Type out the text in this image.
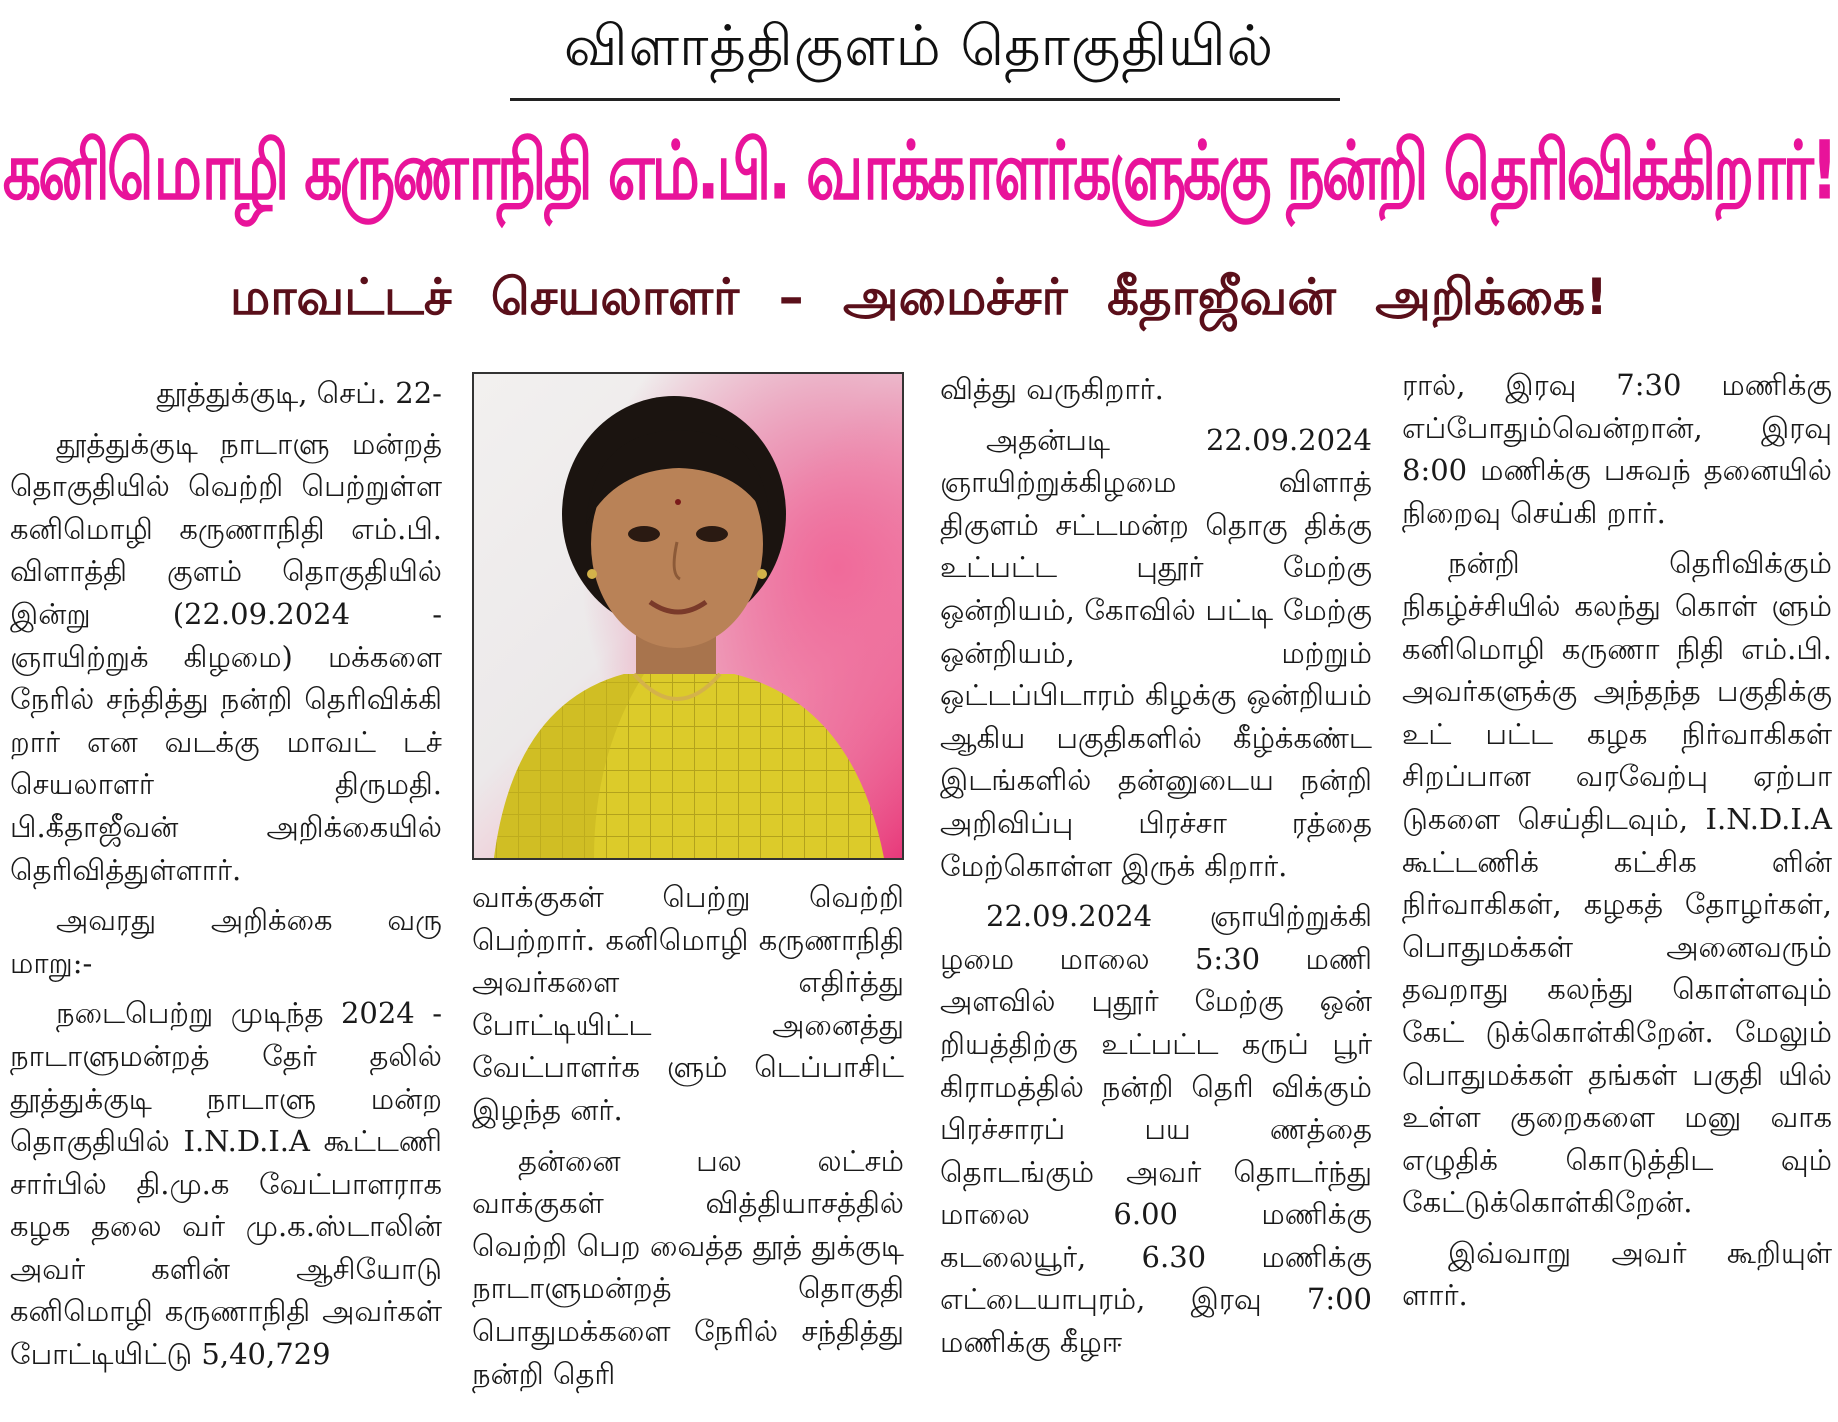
விளாத்திகுளம் தொகுதியில்
கனிமொழி கருணாநிதி எம்.பி. வாக்காளர்களுக்கு நன்றி தெரிவிக்கிறார்!
மாவட்டச் செயலாளர் – அமைச்சர் கீதாஜீவன் அறிக்கை!

தூத்துக்குடி, செப். 22-

தூத்துக்குடி நாடாளு மன்றத் தொகுதியில் வெற்றி பெற்றுள்ள கனிமொழி கருணாநிதி எம்.பி. விளாத்தி குளம் தொகுதியில் இன்று (22.09.2024 - ஞாயிற்றுக் கிழமை) மக்களை நேரில் சந்தித்து நன்றி தெரிவிக்கி றார் என வடக்கு மாவட் டச் செயலாளர் திருமதி. பி.கீதாஜீவன் அறிக்கையில் தெரிவித்துள்ளார்.

அவரது அறிக்கை வரு மாறு:-

நடைபெற்று முடிந்த 2024 - நாடாளுமன்றத் தேர் தலில் தூத்துக்குடி நாடாளு மன்ற தொகுதியில் I.N.D.I.A கூட்டணி சார்பில் தி.மு.க வேட்பாளராக கழக தலை வர் மு.க.ஸ்டாலின் அவர் களின் ஆசியோடு கனிமொழி கருணாநிதி அவர்கள் போட்டியிட்டு 5,40,729

வாக்குகள் பெற்று வெற்றி பெற்றார். கனிமொழி கருணாநிதி அவர்களை எதிர்த்து போட்டியிட்ட அனைத்து வேட்பாளர்க ளும் டெப்பாசிட் இழந்த னர்.

தன்னை பல லட்சம் வாக்குகள் வித்தியாசத்தில் வெற்றி பெற வைத்த தூத் துக்குடி நாடாளுமன்றத் தொகுதி பொதுமக்களை நேரில் சந்தித்து நன்றி தெரி

வித்து வருகிறார்.

அதன்படி 22.09.2024 ஞாயிற்றுக்கிழமை விளாத் திகுளம் சட்டமன்ற தொகு திக்கு உட்பட்ட புதூர் மேற்கு ஒன்றியம், கோவில் பட்டி மேற்கு ஒன்றியம், மற்றும் ஒட்டப்பிடாரம் கிழக்கு ஒன்றியம் ஆகிய பகுதிகளில் கீழ்க்கண்ட இடங்களில் தன்னுடைய நன்றி அறிவிப்பு பிரச்சா ரத்தை மேற்கொள்ள இருக் கிறார்.

22.09.2024 ஞாயிற்றுக்கி ழமை மாலை 5:30 மணி அளவில் புதூர் மேற்கு ஒன் றியத்திற்கு உட்பட்ட கருப் பூர் கிராமத்தில் நன்றி தெரி விக்கும் பிரச்சாரப் பய ணத்தை தொடங்கும் அவர் தொடர்ந்து மாலை 6.00 மணிக்கு கடலையூர், 6.30 மணிக்கு எட்டையாபுரம், இரவு 7:00 மணிக்கு கீழஈ

ரால், இரவு 7:30 மணிக்கு எப்போதும்வென்றான், இரவு 8:00 மணிக்கு பசுவந் தனையில் நிறைவு செய்கி றார்.

நன்றி தெரிவிக்கும் நிகழ்ச்சியில் கலந்து கொள் ளும் கனிமொழி கருணா நிதி எம்.பி. அவர்களுக்கு அந்தந்த பகுதிக்கு உட் பட்ட கழக நிர்வாகிகள் சிறப்பான வரவேற்பு ஏற்பா டுகளை செய்திடவும், I.N.D.I.A கூட்டணிக் கட்சிக ளின் நிர்வாகிகள், கழகத் தோழர்கள், பொதுமக்கள் அனைவரும் தவறாது கலந்து கொள்ளவும் கேட் டுக்கொள்கிறேன். மேலும் பொதுமக்கள் தங்கள் பகுதி யில் உள்ள குறைகளை மனு வாக எழுதிக் கொடுத்திட வும் கேட்டுக்கொள்கிறேன்.

இவ்வாறு அவர் கூறியுள் ளார்.
